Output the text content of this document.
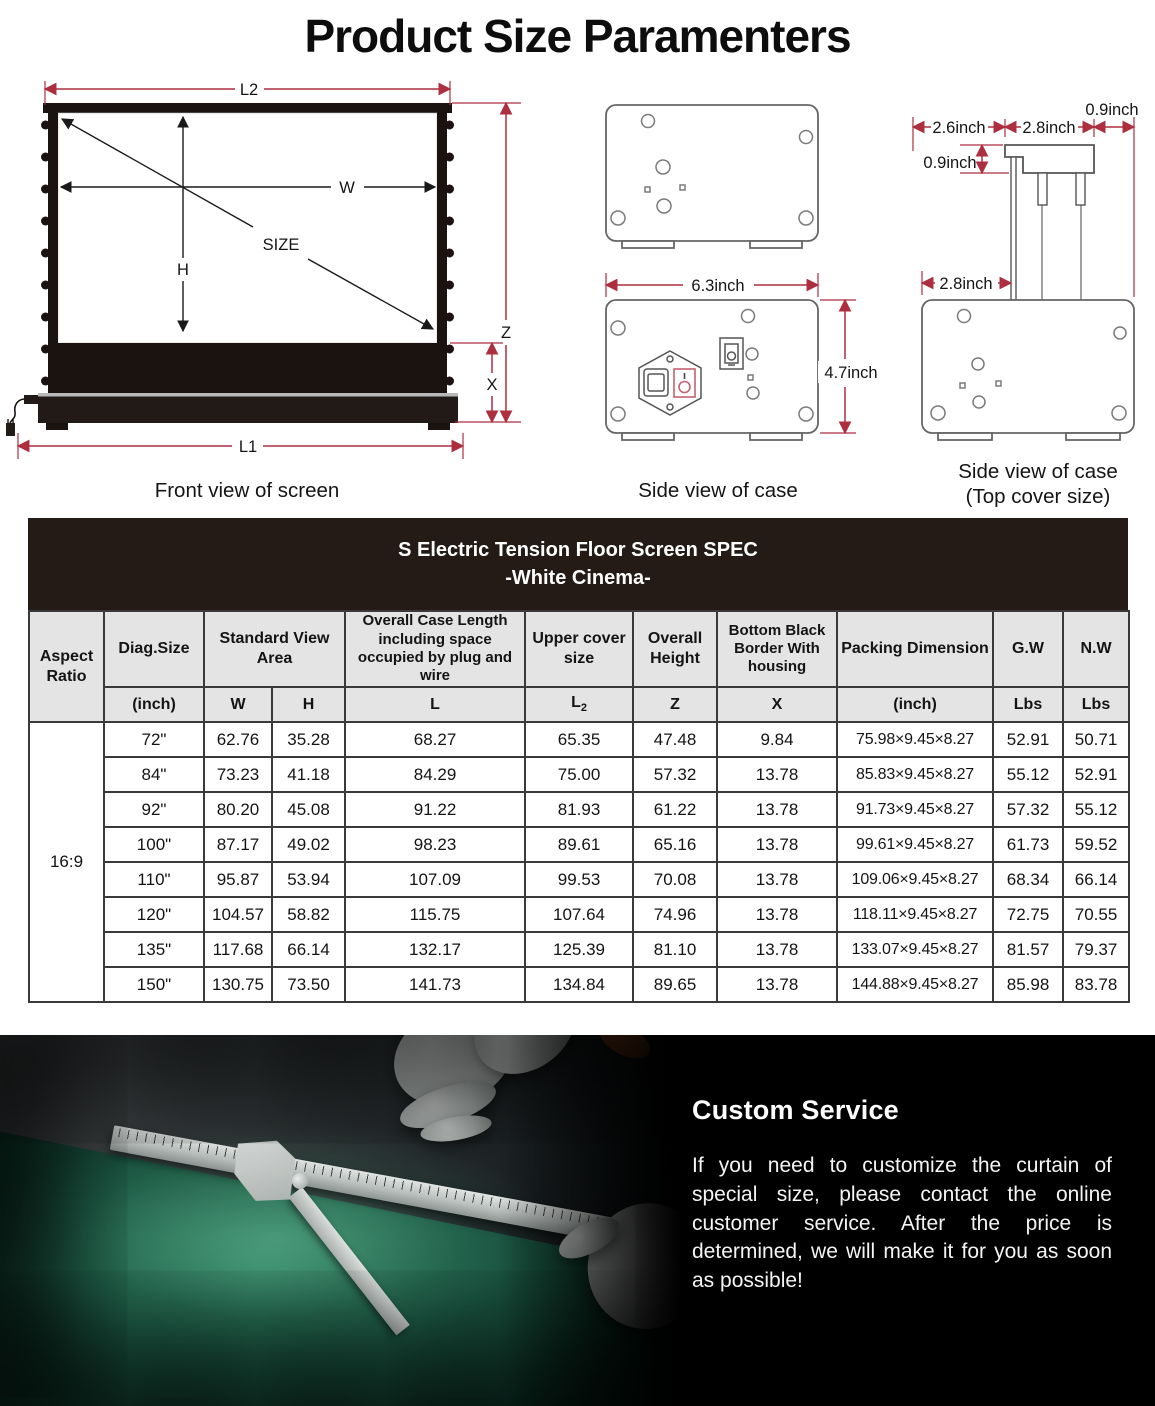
Product Size Paramenters
L2
W
SIZE
H
Z
X
L1
Front view of screen
6.3inch
4.7inch
Side view of case
0.9inch
2.6inch 2.8inch
0.9inch
2.8inch
Side view of case
(Top cover size)
S Electric Tension Floor Screen SPEC
-White Cinema-
Aspect Ratio	Diag.Size	Standard View Area		Overall Case Length including space occupied by plug and wire	Upper cover size	Overall Height	Bottom Black Border With housing	Packing Dimension	G.W	N.W
	(inch)	W	H	L	$L_2$	Z	X	(inch)	Lbs	Lbs
16:9	72"	62.76	35.28	68.27	65.35	47.48	9.84	75.98×9.45×8.27	52.91	50.71
	84"	73.23	41.18	84.29	75.00	57.32	13.78	85.83×9.45×8.27	55.12	52.91
	92"	80.20	45.08	91.22	81.93	61.22	13.78	91.73×9.45×8.27	57.32	55.12
	100"	87.17	49.02	98.23	89.61	65.16	13.78	99.61×9.45×8.27	61.73	59.52
	110"	95.87	53.94	107.09	99.53	70.08	13.78	109.06×9.45×8.27	68.34	66.14
	120"	104.57	58.82	115.75	107.64	74.96	13.78	118.11×9.45×8.27	72.75	70.55
	135"	117.68	66.14	132.17	125.39	81.10	13.78	133.07×9.45×8.27	81.57	79.37
	150"	130.75	73.50	141.73	134.84	89.65	13.78	144.88×9.45×8.27	85.98	83.78
Custom Service

If you need to customize the curtain of special size, please contact the online customer service. After the price is determined, we will make it for you as soon as possible!
